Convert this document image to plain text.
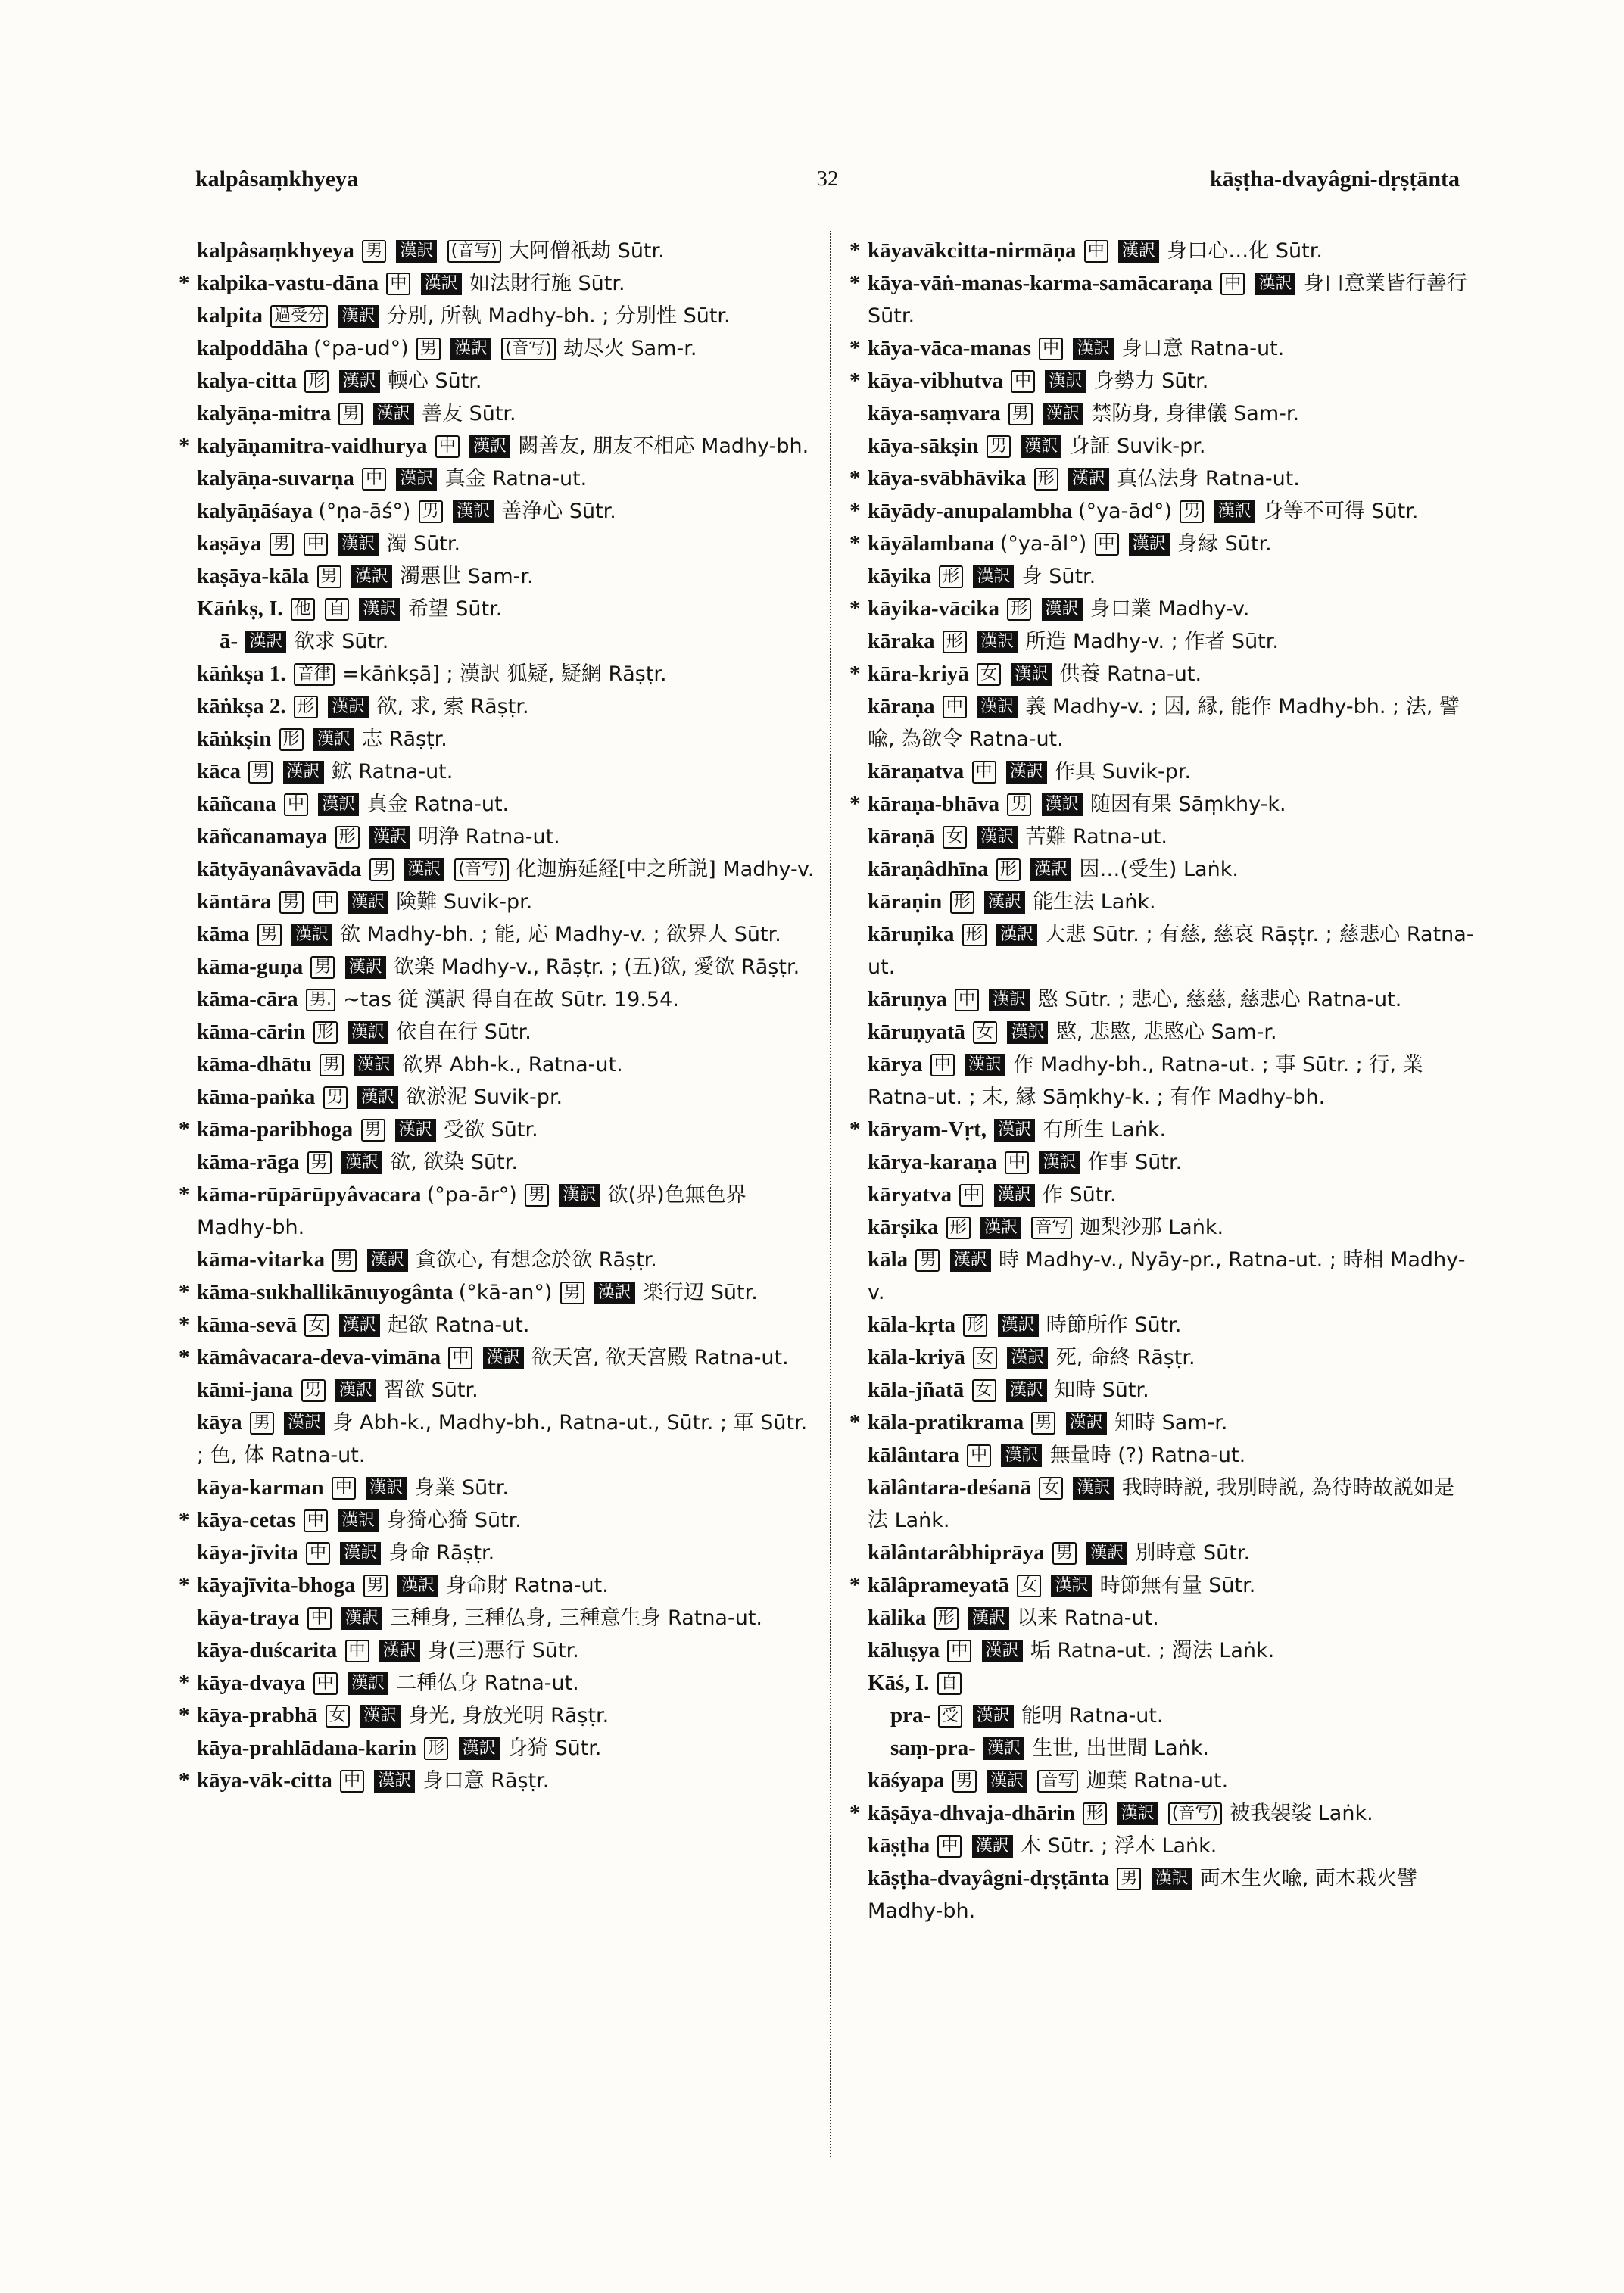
kalpâsaṃkhyeya	32	kāṣṭha-dvayâgni-dṛṣṭānta

kalpâsaṃkhyeya 男 漢訳 (音写) 大阿僧祇劫 Sūtr.

* kalpika-vastu-dāna 中 漢訳 如法財行施 Sūtr.

kalpita 過受分 漢訳 分別, 所執 Madhy-bh. ; 分別性 Sūtr.

kalpoddāha (°pa-ud°) 男 漢訳 (音写) 劫尽火 Sam-r.

kalya-citta 形 漢訳 輭心 Sūtr.

kalyāṇa-mitra 男 漢訳 善友 Sūtr.

* kalyāṇamitra-vaidhurya 中 漢訳 闕善友, 朋友不相応 Madhy-bh.

kalyāṇa-suvarṇa 中 漢訳 真金 Ratna-ut.

kalyāṇāśaya (°ṇa-āś°) 男 漢訳 善浄心 Sūtr.

kaṣāya 男 中 漢訳 濁 Sūtr.

kaṣāya-kāla 男 漢訳 濁悪世 Sam-r.

Kāṅkṣ, I. 他 自 漢訳 希望 Sūtr.

ā- 漢訳 欲求 Sūtr.

kāṅkṣa 1. 音律 =kāṅkṣā] ; 漢訳 狐疑, 疑網 Rāṣṭr.

kāṅkṣa 2. 形 漢訳 欲, 求, 索 Rāṣṭr.

kāṅkṣin 形 漢訳 志 Rāṣṭr.

kāca 男 漢訳 鉱 Ratna-ut.

kāñcana 中 漢訳 真金 Ratna-ut.

kāñcanamaya 形 漢訳 明浄 Ratna-ut.

kātyāyanâvavāda 男 漢訳 (音写) 化迦旃延経[中之所説] Madhy-v.

kāntāra 男 中 漢訳 険難 Suvik-pr.

kāma 男 漢訳 欲 Madhy-bh. ; 能, 応 Madhy-v. ; 欲界人 Sūtr.

kāma-guṇa 男 漢訳 欲楽 Madhy-v., Rāṣṭr. ; (五)欲, 愛欲 Rāṣṭr.

kāma-cāra 男. ~tas 従 漢訳 得自在故 Sūtr. 19.54.

kāma-cārin 形 漢訳 依自在行 Sūtr.

kāma-dhātu 男 漢訳 欲界 Abh-k., Ratna-ut.

kāma-paṅka 男 漢訳 欲淤泥 Suvik-pr.

* kāma-paribhoga 男 漢訳 受欲 Sūtr.

kāma-rāga 男 漢訳 欲, 欲染 Sūtr.

* kāma-rūpārūpyâvacara (°pa-ār°) 男 漢訳 欲(界)色無色界 Madhy-bh.

kāma-vitarka 男 漢訳 貪欲心, 有想念於欲 Rāṣṭr.

* kāma-sukhallikānuyogânta (°kā-an°) 男 漢訳 楽行辺 Sūtr.

* kāma-sevā 女 漢訳 起欲 Ratna-ut.

* kāmâvacara-deva-vimāna 中 漢訳 欲天宮, 欲天宮殿 Ratna-ut.

kāmi-jana 男 漢訳 習欲 Sūtr.

kāya 男 漢訳 身 Abh-k., Madhy-bh., Ratna-ut., Sūtr. ; 軍 Sūtr. ; 色, 体 Ratna-ut.

kāya-karman 中 漢訳 身業 Sūtr.

* kāya-cetas 中 漢訳 身猗心猗 Sūtr.

kāya-jīvita 中 漢訳 身命 Rāṣṭr.

* kāyajīvita-bhoga 男 漢訳 身命財 Ratna-ut.

kāya-traya 中 漢訳 三種身, 三種仏身, 三種意生身 Ratna-ut.

kāya-duścarita 中 漢訳 身(三)悪行 Sūtr.

* kāya-dvaya 中 漢訳 二種仏身 Ratna-ut.

* kāya-prabhā 女 漢訳 身光, 身放光明 Rāṣṭr.

kāya-prahlādana-karin 形 漢訳 身猗 Sūtr.

* kāya-vāk-citta 中 漢訳 身口意 Rāṣṭr.

* kāyavākcitta-nirmāṇa 中 漢訳 身口心…化 Sūtr.

* kāya-vāṅ-manas-karma-samācaraṇa 中 漢訳 身口意業皆行善行 Sūtr.

* kāya-vāca-manas 中 漢訳 身口意 Ratna-ut.

* kāya-vibhutva 中 漢訳 身勢力 Sūtr.

kāya-saṃvara 男 漢訳 禁防身, 身律儀 Sam-r.

kāya-sākṣin 男 漢訳 身証 Suvik-pr.

* kāya-svābhāvika 形 漢訳 真仏法身 Ratna-ut.

* kāyādy-anupalambha (°ya-ād°) 男 漢訳 身等不可得 Sūtr.

* kāyālambana (°ya-āl°) 中 漢訳 身縁 Sūtr.

kāyika 形 漢訳 身 Sūtr.

* kāyika-vācika 形 漢訳 身口業 Madhy-v.

kāraka 形 漢訳 所造 Madhy-v. ; 作者 Sūtr.

* kāra-kriyā 女 漢訳 供養 Ratna-ut.

kāraṇa 中 漢訳 義 Madhy-v. ; 因, 縁, 能作 Madhy-bh. ; 法, 譬喩, 為欲令 Ratna-ut.

kāraṇatva 中 漢訳 作具 Suvik-pr.

* kāraṇa-bhāva 男 漢訳 随因有果 Sāṃkhy-k.

kāraṇā 女 漢訳 苦難 Ratna-ut.

kāraṇâdhīna 形 漢訳 因…(受生) Laṅk.

kāraṇin 形 漢訳 能生法 Laṅk.

kāruṇika 形 漢訳 大悲 Sūtr. ; 有慈, 慈哀 Rāṣṭr. ; 慈悲心 Ratna-ut.

kāruṇya 中 漢訳 愍 Sūtr. ; 悲心, 慈慈, 慈悲心 Ratna-ut.

kāruṇyatā 女 漢訳 愍, 悲愍, 悲愍心 Sam-r.

kārya 中 漢訳 作 Madhy-bh., Ratna-ut. ; 事 Sūtr. ; 行, 業 Ratna-ut. ; 末, 縁 Sāṃkhy-k. ; 有作 Madhy-bh.

* kāryam-Vṛt, 漢訳 有所生 Laṅk.

kārya-karaṇa 中 漢訳 作事 Sūtr.

kāryatva 中 漢訳 作 Sūtr.

kārṣika 形 漢訳 音写 迦梨沙那 Laṅk.

kāla 男 漢訳 時 Madhy-v., Nyāy-pr., Ratna-ut. ; 時相 Madhy-v.

kāla-kṛta 形 漢訳 時節所作 Sūtr.

kāla-kriyā 女 漢訳 死, 命終 Rāṣṭr.

kāla-jñatā 女 漢訳 知時 Sūtr.

* kāla-pratikrama 男 漢訳 知時 Sam-r.

kālântara 中 漢訳 無量時 (?) Ratna-ut.

kālântara-deśanā 女 漢訳 我時時説, 我別時説, 為待時故説如是法 Laṅk.

kālântarâbhiprāya 男 漢訳 別時意 Sūtr.

* kālâprameyatā 女 漢訳 時節無有量 Sūtr.

kālika 形 漢訳 以来 Ratna-ut.

kāluṣya 中 漢訳 垢 Ratna-ut. ; 濁法 Laṅk.

Kāś, I. 自

pra- 受 漢訳 能明 Ratna-ut.

saṃ-pra- 漢訳 生世, 出世間 Laṅk.

kāśyapa 男 漢訳 音写 迦葉 Ratna-ut.

* kāṣāya-dhvaja-dhārin 形 漢訳 (音写) 被我袈裟 Laṅk.

kāṣṭha 中 漢訳 木 Sūtr. ; 浮木 Laṅk.

kāṣṭha-dvayâgni-dṛṣṭānta 男 漢訳 両木生火喩, 両木栽火譬 Madhy-bh.
